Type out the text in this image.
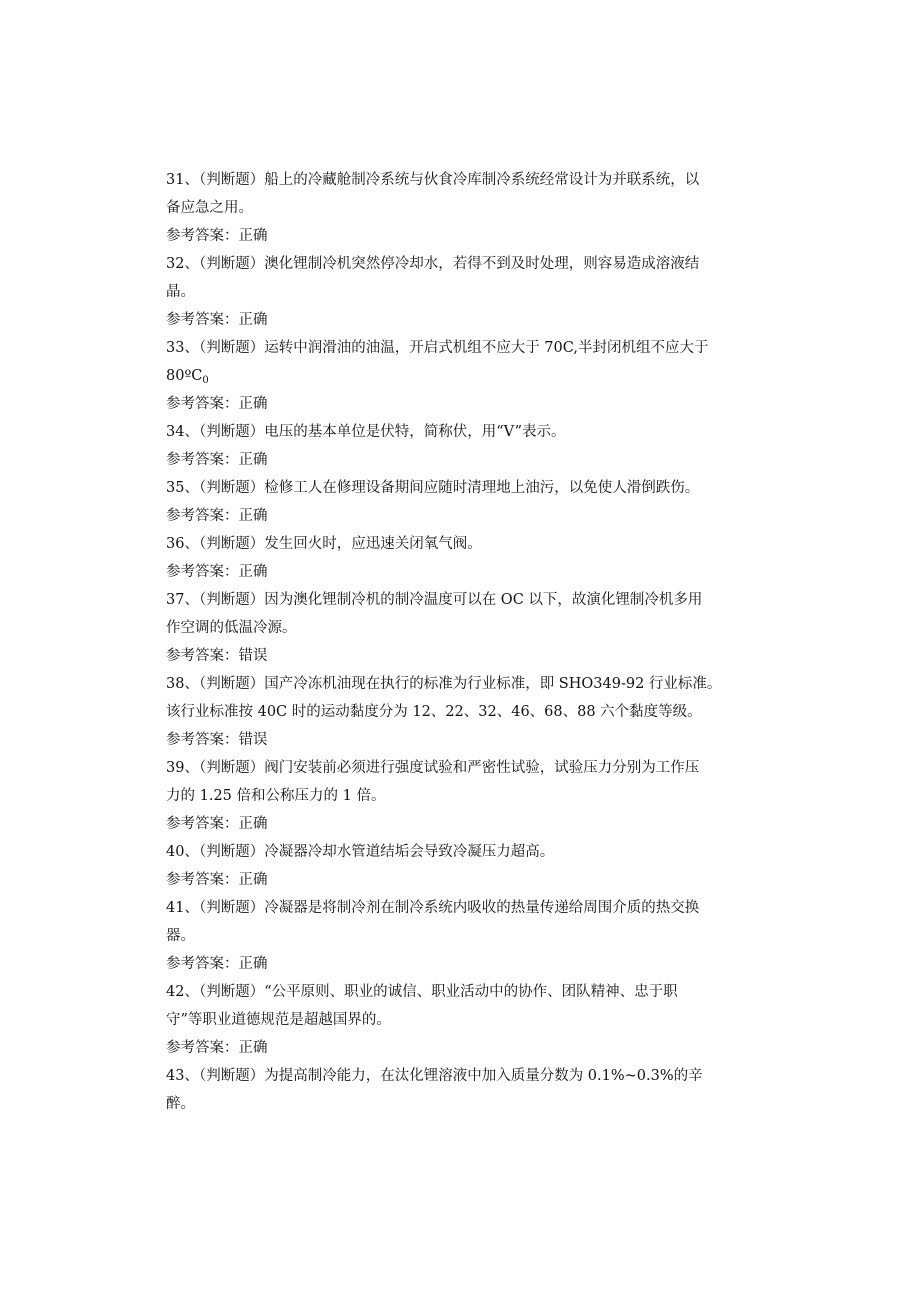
31、（判断题）船上的冷藏舱制冷系统与伙食冷库制冷系统经常设计为并联系统，以
备应急之用。
参考答案：正确
32、（判断题）澳化锂制冷机突然停冷却水，若得不到及时处理，则容易造成溶液结
晶。
参考答案：正确
33、（判断题）运转中润滑油的油温，开启式机组不应大于 70C,半封闭机组不应大于
80ºC$_0$
参考答案：正确
34、（判断题）电压的基本单位是伏特，简称伏，用“V”表示。
参考答案：正确
35、（判断题）检修工人在修理设备期间应随时清理地上油污，以免使人滑倒跌伤。
参考答案：正确
36、（判断题）发生回火时，应迅速关闭氧气阀。
参考答案：正确
37、（判断题）因为澳化锂制冷机的制冷温度可以在 OC 以下，故演化锂制冷机多用
作空调的低温冷源。
参考答案：错误
38、（判断题）国产冷冻机油现在执行的标准为行业标准，即 SHO349-92 行业标准。
该行业标准按 40C 时的运动黏度分为 12、22、32、46、68、88 六个黏度等级。
参考答案：错误
39、（判断题）阀门安装前必须进行强度试验和严密性试验，试验压力分别为工作压
力的 1.25 倍和公称压力的 1 倍。
参考答案：正确
40、（判断题）冷凝器冷却水管道结垢会导致冷凝压力超高。
参考答案：正确
41、（判断题）冷凝器是将制冷剂在制冷系统内吸收的热量传递给周围介质的热交换
器。
参考答案：正确
42、（判断题）“公平原则、职业的诚信、职业活动中的协作、团队精神、忠于职
守”等职业道德规范是超越国界的。
参考答案：正确
43、（判断题）为提高制冷能力，在汰化锂溶液中加入质量分数为 0.1%~0.3%的辛
醉。
